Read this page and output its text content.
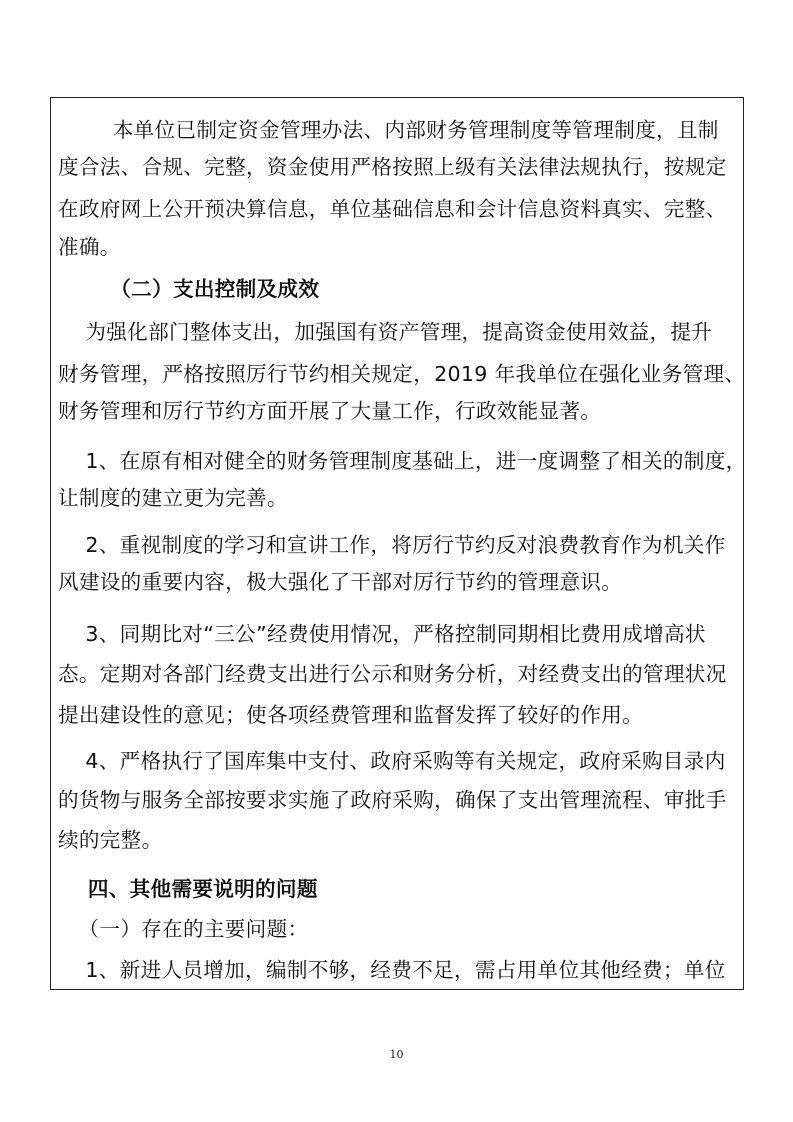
本单位已制定资金管理办法、内部财务管理制度等管理制度，且制
度合法、合规、完整，资金使用严格按照上级有关法律法规执行，按规定
在政府网上公开预决算信息，单位基础信息和会计信息资料真实、完整、
准确。
（二）支出控制及成效
为强化部门整体支出，加强国有资产管理，提高资金使用效益，提升
财务管理，严格按照厉行节约相关规定，2019 年我单位在强化业务管理、
财务管理和厉行节约方面开展了大量工作，行政效能显著。
1、在原有相对健全的财务管理制度基础上，进一度调整了相关的制度，
让制度的建立更为完善。
2、重视制度的学习和宣讲工作，将厉行节约反对浪费教育作为机关作
风建设的重要内容，极大强化了干部对厉行节约的管理意识。
3、同期比对“三公”经费使用情况，严格控制同期相比费用成增高状
态。定期对各部门经费支出进行公示和财务分析，对经费支出的管理状况
提出建设性的意见；使各项经费管理和监督发挥了较好的作用。
4、严格执行了国库集中支付、政府采购等有关规定，政府采购目录内
的货物与服务全部按要求实施了政府采购，确保了支出管理流程、审批手
续的完整。
四、其他需要说明的问题
（一）存在的主要问题：
1、新进人员增加，编制不够，经费不足，需占用单位其他经费；单位
10
